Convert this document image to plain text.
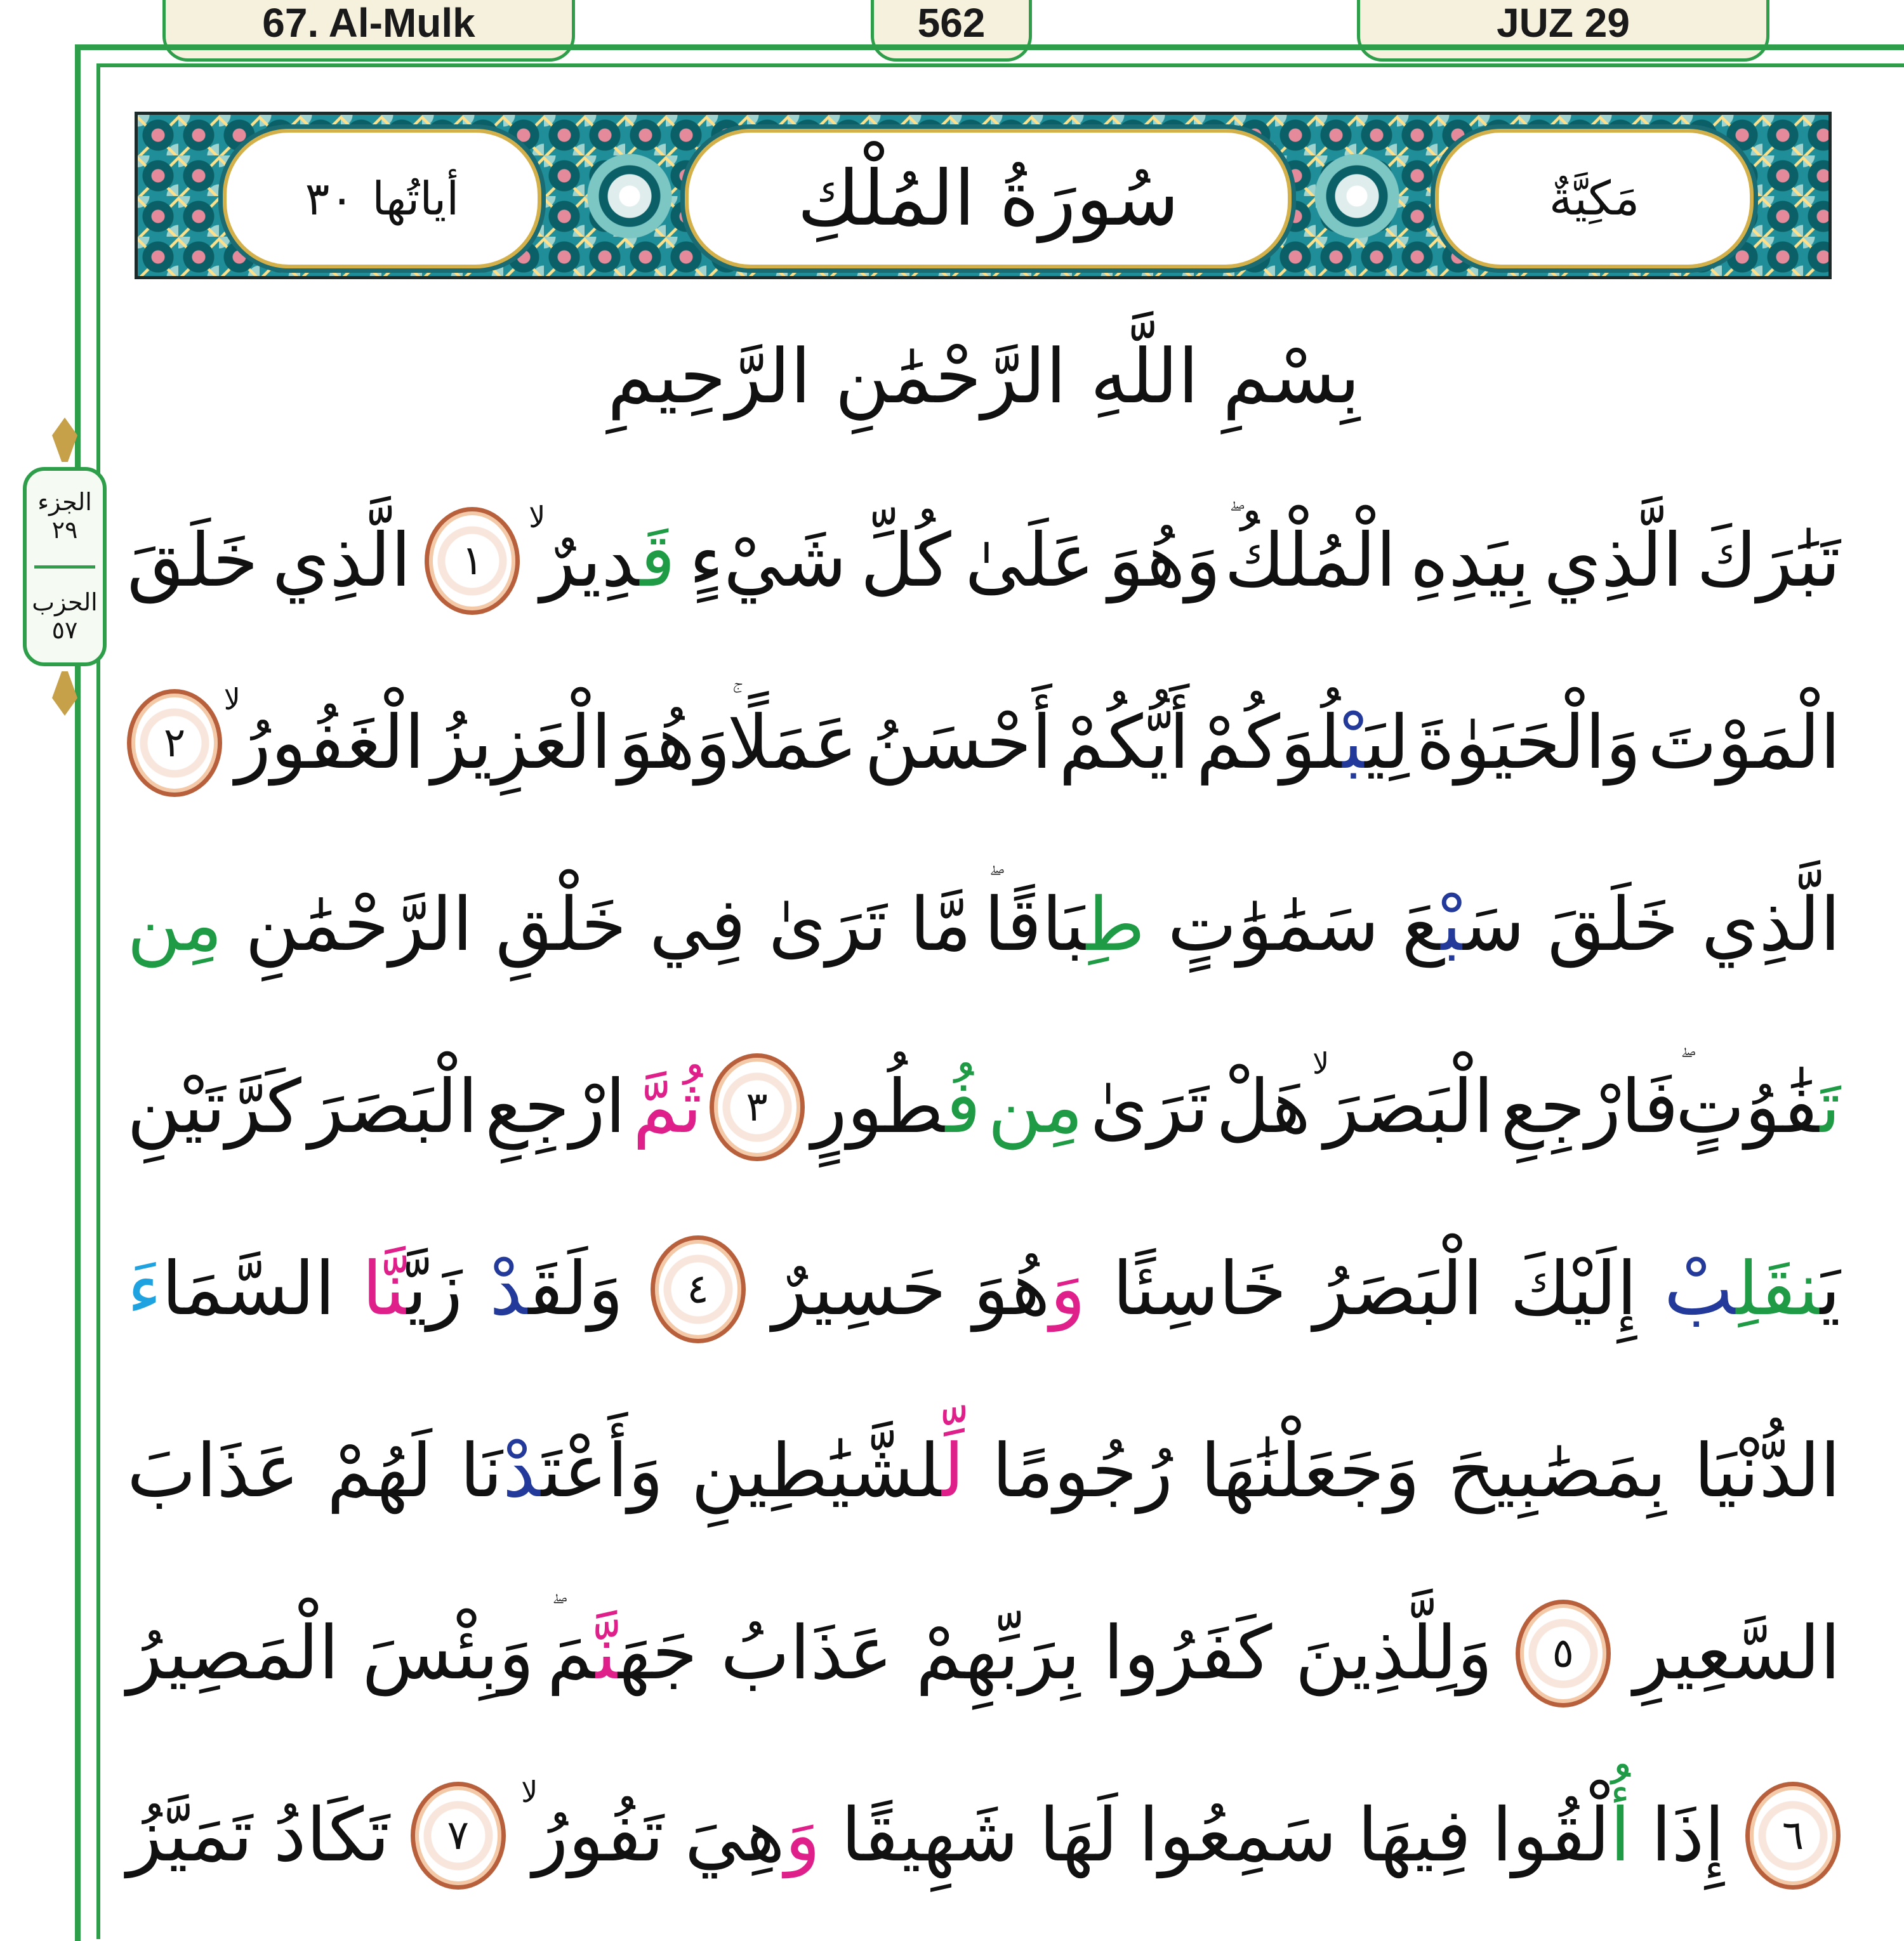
67. Al-Mulk	562	JUZ 29
مَكِيَّةٌ
سُورَةُ المُلْكِ
أياتُها
٣٠
بِسْمِ اللَّهِ الرَّحْمَٰنِ الرَّحِيمِ
الجزء
٢٩
الحزب
٥٧
تَبَٰرَكَ
الَّذِي
بِيَدِهِ
الْمُلْكُ
وَهُوَ
عَلَىٰ
كُلِّ
شَيْءٍ
قَدِيرٌ$^{لا}$
١
الَّذِي
خَلَقَ
الْمَوْتَ
وَالْحَيَوٰةَ
لِيَبْلُوَكُمْ
أَيُّكُمْ
أَحْسَنُ
عَمَلًا
وَهُوَ
الْعَزِيزُ
الْغَفُورُ$^{لا}$
٢
الَّذِي
خَلَقَ
سَبْعَ
سَمَٰوَٰتٍ
طِبَاقًا
مَّا
تَرَىٰ
فِي
خَلْقِ
الرَّحْمَٰنِ
مِن
تَفَٰوُتٍ
فَارْجِعِ
الْبَصَرَ$^{لا}$
هَلْ
تَرَىٰ
مِن
فُطُورٍ
٣
ثُمَّ
ارْجِعِ
الْبَصَرَ
كَرَّتَيْنِ
يَنقَلِبْ
إِلَيْكَ
الْبَصَرُ
خَاسِئًا
وَهُوَ
حَسِيرٌ
٤
وَلَقَدْ
زَيَّنَّا
السَّمَاءَ
الدُّنْيَا
بِمَصَٰبِيحَ
وَجَعَلْنَٰهَا
رُجُومًا
لِّلشَّيَٰطِينِ
وَأَعْتَدْنَا
لَهُمْ
عَذَابَ
السَّعِيرِ
٥
وَلِلَّذِينَ
كَفَرُوا
بِرَبِّهِمْ
عَذَابُ
جَهَنَّمَ
وَبِئْسَ
الْمَصِيرُ
٦
إِذَا
أُلْقُوا
فِيهَا
سَمِعُوا
لَهَا
شَهِيقًا
وَهِيَ
تَفُورُ$^{لا}$
٧
تَكَادُ
تَمَيَّزُ
